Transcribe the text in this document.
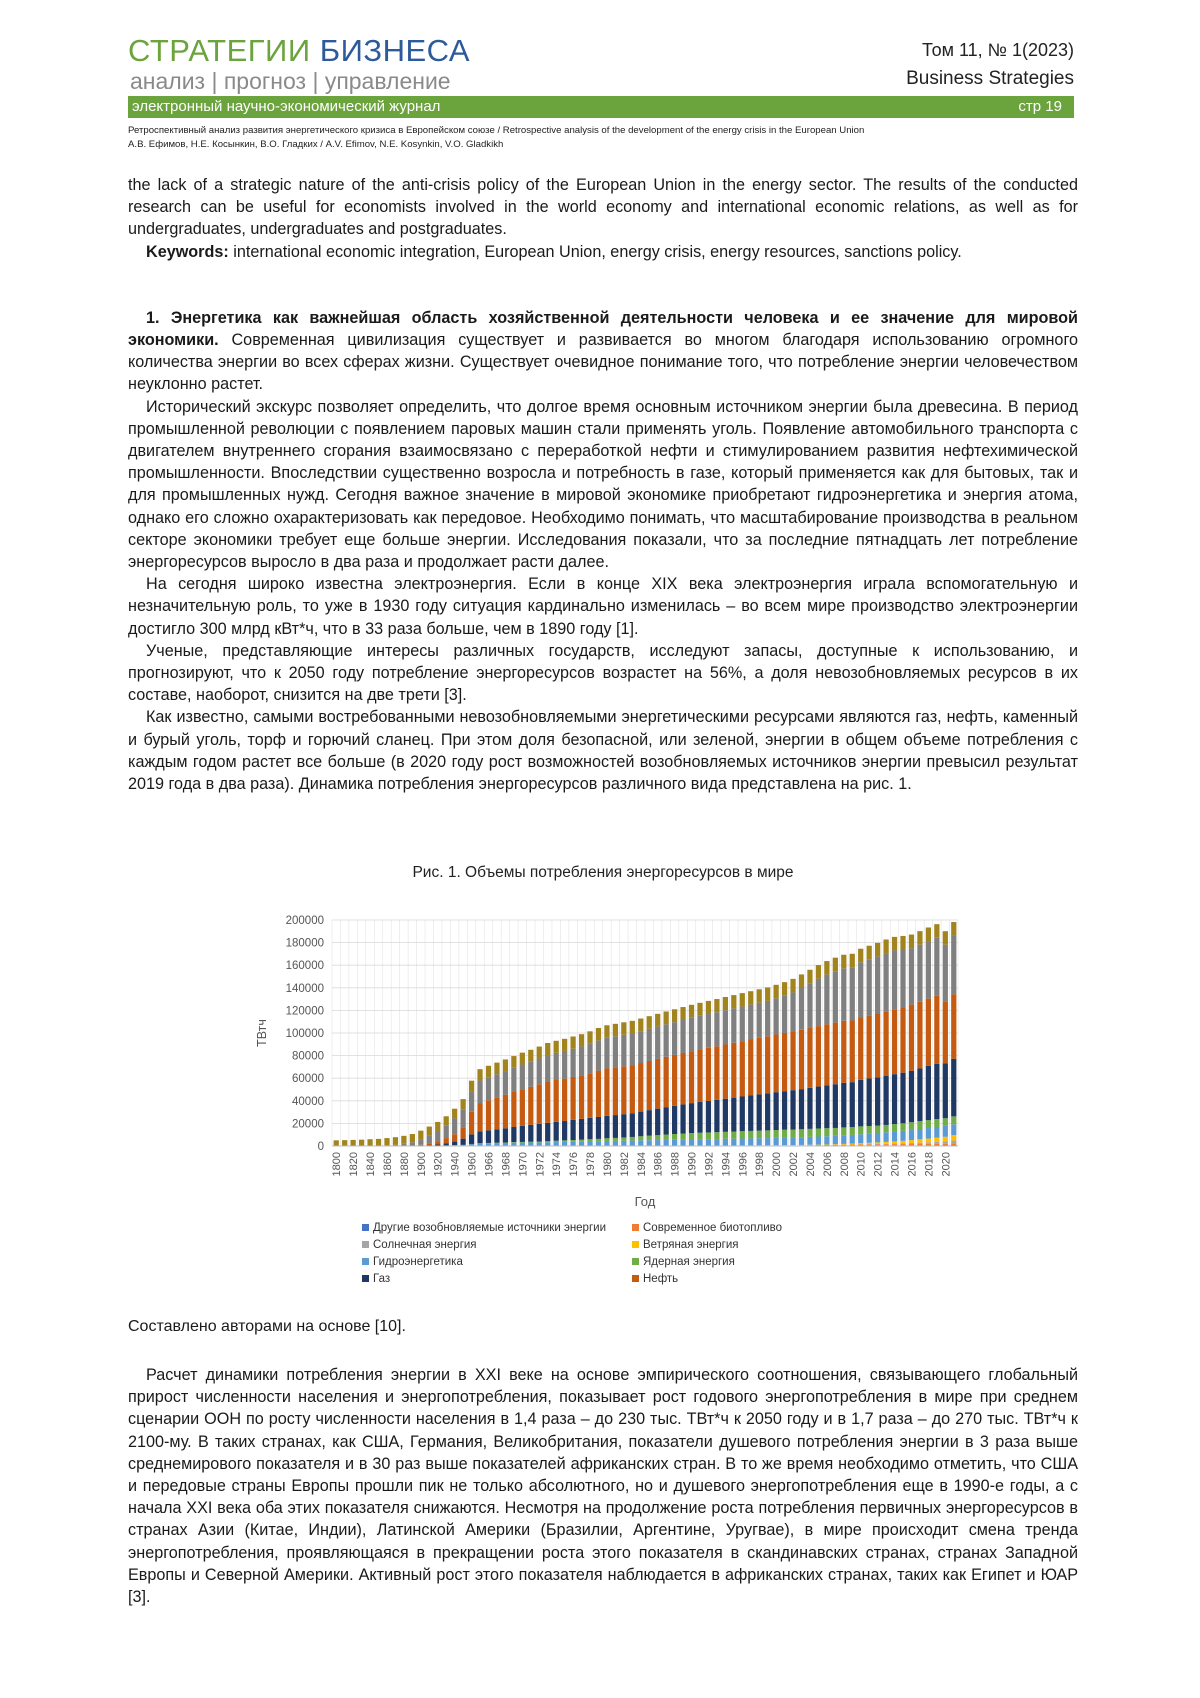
СТРАТЕГИИ БИЗНЕСА
анализ | прогноз | управление
Том 11, № 1(2023)
Business Strategies
электронный научно-экономический журнал	стр 19
Ретроспективный анализ развития энергетического кризиса в Европейском союзе / Retrospective analysis of the development of the energy crisis in the European Union
А.В. Ефимов, Н.Е. Косынкин, В.О. Гладких / A.V. Efimov, N.E. Kosynkin, V.O. Gladkikh

the lack of a strategic nature of the anti-crisis policy of the European Union in the energy sector. The results of the conducted research can be useful for economists involved in the world economy and international economic relations, as well as for undergraduates, undergraduates and postgraduates.

Keywords: international economic integration, European Union, energy crisis, energy resources, sanctions policy.

1. Энергетика как важнейшая область хозяйственной деятельности человека и ее значение для мировой экономики. Современная цивилизация существует и развивается во многом благодаря использованию огромного количества энергии во всех сферах жизни. Существует очевидное понимание того, что потребление энергии человечеством неуклонно растет.

Исторический экскурс позволяет определить, что долгое время основным источником энергии была древесина. В период промышленной революции с появлением паровых машин стали применять уголь. Появление автомобильного транспорта с двигателем внутреннего сгорания взаимосвязано с переработкой нефти и стимулированием развития нефтехимической промышленности. Впоследствии существенно возросла и потребность в газе, который применяется как для бытовых, так и для промышленных нужд. Сегодня важное значение в мировой экономике приобретают гидроэнергетика и энергия атома, однако его сложно охарактеризовать как передовое. Необходимо понимать, что масштабирование производства в реальном секторе экономики требует еще больше энергии. Исследования показали, что за последние пятнадцать лет потребление энергоресурсов выросло в два раза и продолжает расти далее.

На сегодня широко известна электроэнергия. Если в конце XIX века электроэнергия играла вспомогательную и незначительную роль, то уже в 1930 году ситуация кардинально изменилась – во всем мире производство электроэнергии достигло 300 млрд кВт*ч, что в 33 раза больше, чем в 1890 году [1].

Ученые, представляющие интересы различных государств, исследуют запасы, доступные к использованию, и прогнозируют, что к 2050 году потребление энергоресурсов возрастет на 56%, а доля невозобновляемых ресурсов в их составе, наоборот, снизится на две трети [3].

Как известно, самыми востребованными невозобновляемыми энергетическими ресурсами являются газ, нефть, каменный и бурый уголь, торф и горючий сланец. При этом доля безопасной, или зеленой, энергии в общем объеме потребления с каждым годом растет все больше (в 2020 году рост возможностей возобновляемых источников энергии превысил результат 2019 года в два раза). Динамика потребления энергоресурсов различного вида представлена на рис. 1.

Рис. 1. Объемы потребления энергоресурсов в мире
0
20000
40000
60000
80000
100000
120000
140000
160000
180000
200000
1800 1820 1840 1860 1880 1900 1920 1940 1960 1966 1968 1970 1972 1974 1976 1978 1980 1982 1984 1986 1988 1990 1992 1994 1996 1998 2000 2002 2004 2006 2008 2010 2012 2014 2016 2018 2020
ТВтч
Год
Другие возобновляемые источники энергии	Современное биотопливо
Солнечная энергия	Ветряная энергия
Гидроэнергетика	Ядерная энергия
Газ	Нефть
Составлено авторами на основе [10].

Расчет динамики потребления энергии в XXI веке на основе эмпирического соотношения, связывающего глобальный прирост численности населения и энергопотребления, показывает рост годового энергопотребления в мире при среднем сценарии ООН по росту численности населения в 1,4 раза – до 230 тыс. ТВт*ч к 2050 году и в 1,7 раза – до 270 тыс. ТВт*ч к 2100-му. В таких странах, как США, Германия, Великобритания, показатели душевого потребления энергии в 3 раза выше среднемирового показателя и в 30 раз выше показателей африканских стран. В то же время необходимо отметить, что США и передовые страны Европы прошли пик не только абсолютного, но и душевого энергопотребления еще в 1990-е годы, а с начала XXI века оба этих показателя снижаются. Несмотря на продолжение роста потребления первичных энергоресурсов в странах Азии (Китае, Индии), Латинской Америки (Бразилии, Аргентине, Уругвае), в мире происходит смена тренда энергопотребления, проявляющаяся в прекращении роста этого показателя в скандинавских странах, странах Западной Европы и Северной Америки. Активный рост этого показателя наблюдается в африканских странах, таких как Египет и ЮАР [3].
